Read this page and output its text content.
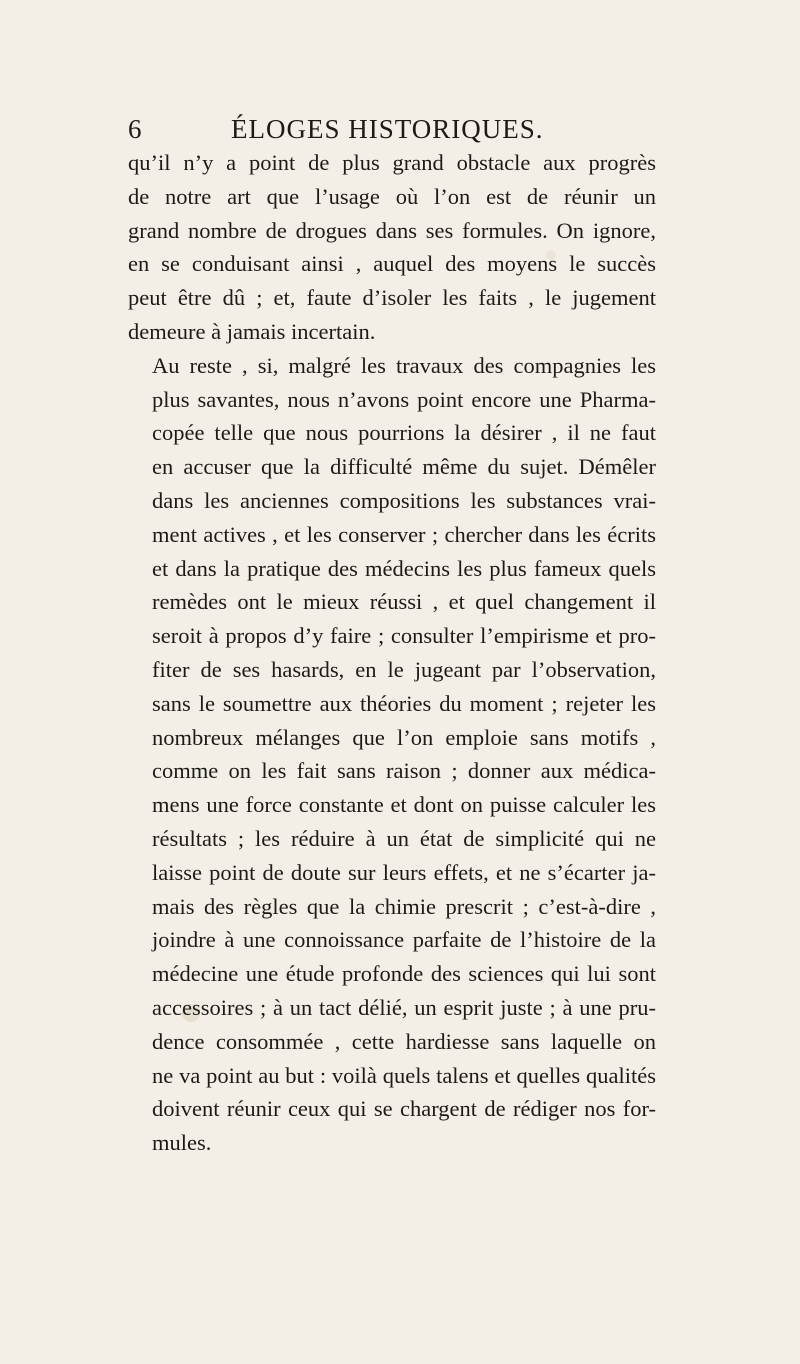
6	ÉLOGES HISTORIQUES.
qu’il n’y a point de plus grand obstacle aux progrès
de notre art que l’usage où l’on est de réunir un
grand nombre de drogues dans ses formules. On ignore,
en se conduisant ainsi , auquel des moyens le succès
peut être dû ; et, faute d’isoler les faits , le jugement
demeure à jamais incertain.
Au reste , si, malgré les travaux des compagnies les
plus savantes, nous n’avons point encore une Pharma-
copée telle que nous pourrions la désirer , il ne faut
en accuser que la difficulté même du sujet. Démêler
dans les anciennes compositions les substances vrai-
ment actives , et les conserver ; chercher dans les écrits
et dans la pratique des médecins les plus fameux quels
remèdes ont le mieux réussi , et quel changement il
seroit à propos d’y faire ; consulter l’empirisme et pro-
fiter de ses hasards, en le jugeant par l’observation,
sans le soumettre aux théories du moment ; rejeter les
nombreux mélanges que l’on emploie sans motifs ,
comme on les fait sans raison ; donner aux médica-
mens une force constante et dont on puisse calculer les
résultats ; les réduire à un état de simplicité qui ne
laisse point de doute sur leurs effets, et ne s’écarter ja-
mais des règles que la chimie prescrit ; c’est-à-dire ,
joindre à une connoissance parfaite de l’histoire de la
médecine une étude profonde des sciences qui lui sont
accessoires ; à un tact délié, un esprit juste ; à une pru-
dence consommée , cette hardiesse sans laquelle on
ne va point au but : voilà quels talens et quelles qualités
doivent réunir ceux qui se chargent de rédiger nos for-
mules.
